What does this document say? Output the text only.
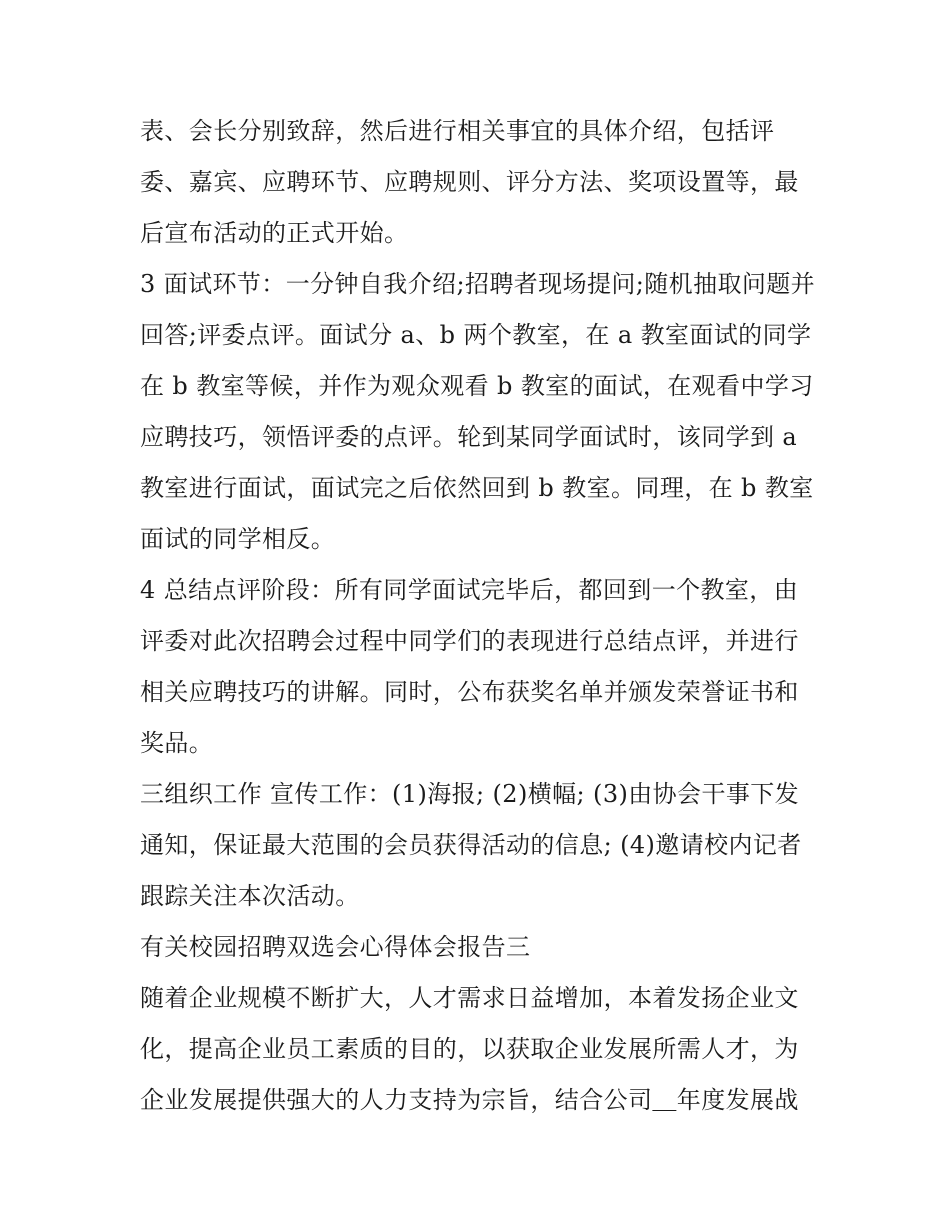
表、会长分别致辞，然后进行相关事宜的具体介绍，包括评委、嘉宾、应聘环节、应聘规则、评分方法、奖项设置等，最后宣布活动的正式开始。

3 面试环节：一分钟自我介绍;招聘者现场提问;随机抽取问题并回答;评委点评。面试分 a、b 两个教室，在 a 教室面试的同学在 b 教室等候，并作为观众观看 b 教室的面试，在观看中学习应聘技巧，领悟评委的点评。轮到某同学面试时，该同学到 a 教室进行面试，面试完之后依然回到 b 教室。同理，在 b 教室面试的同学相反。

4 总结点评阶段：所有同学面试完毕后，都回到一个教室，由评委对此次招聘会过程中同学们的表现进行总结点评，并进行相关应聘技巧的讲解。同时，公布获奖名单并颁发荣誉证书和奖品。

三组织工作 宣传工作：(1)海报; (2)横幅; (3)由协会干事下发通知，保证最大范围的会员获得活动的信息; (4)邀请校内记者跟踪关注本次活动。

有关校园招聘双选会心得体会报告三

随着企业规模不断扩大，人才需求日益增加，本着发扬企业文化，提高企业员工素质的目的，以获取企业发展所需人才，为企业发展提供强大的人力支持为宗旨，结合公司＿年度发展战
